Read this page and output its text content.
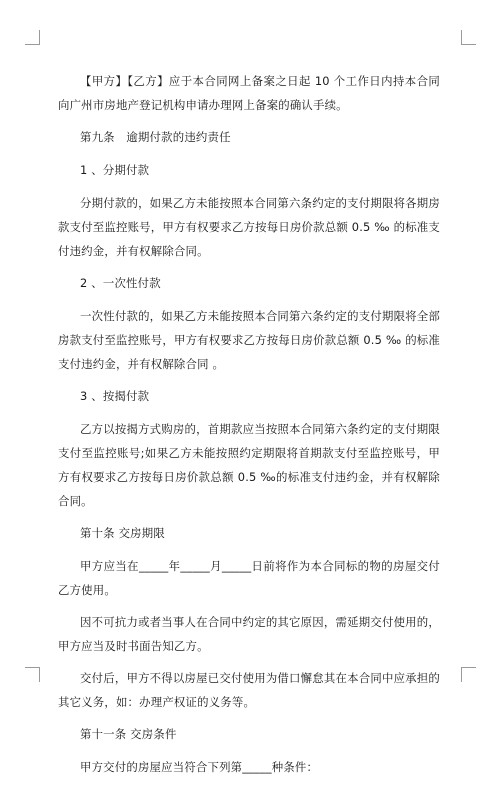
【甲方】【乙方】应于本合同网上备案之日起 10 个工作日内持本合同向广州市房地产登记机构申请办理网上备案的确认手续。

第九条　逾期付款的违约责任

1 、分期付款

分期付款的，如果乙方未能按照本合同第六条约定的支付期限将各期房款支付至监控账号，甲方有权要求乙方按每日房价款总额 0.5 ‰ 的标准支付违约金，并有权解除合同。

2 、一次性付款

一次性付款的，如果乙方未能按照本合同第六条约定的支付期限将全部房款支付至监控账号，甲方有权要求乙方按每日房价款总额 0.5 ‰ 的标准支付违约金，并有权解除合同 。

3 、按揭付款

乙方以按揭方式购房的，首期款应当按照本合同第六条约定的支付期限支付至监控账号;如果乙方未能按照约定期限将首期款支付至监控账号，甲方有权要求乙方按每日房价款总额 0.5 ‰的标准支付违约金，并有权解除合同。

第十条 交房期限

甲方应当在_____年_____月_____日前将作为本合同标的物的房屋交付乙方使用。

因不可抗力或者当事人在合同中约定的其它原因，需延期交付使用的，甲方应当及时书面告知乙方。

交付后，甲方不得以房屋已交付使用为借口懈怠其在本合同中应承担的其它义务，如：办理产权证的义务等。

第十一条 交房条件

甲方交付的房屋应当符合下列第_____种条件：
